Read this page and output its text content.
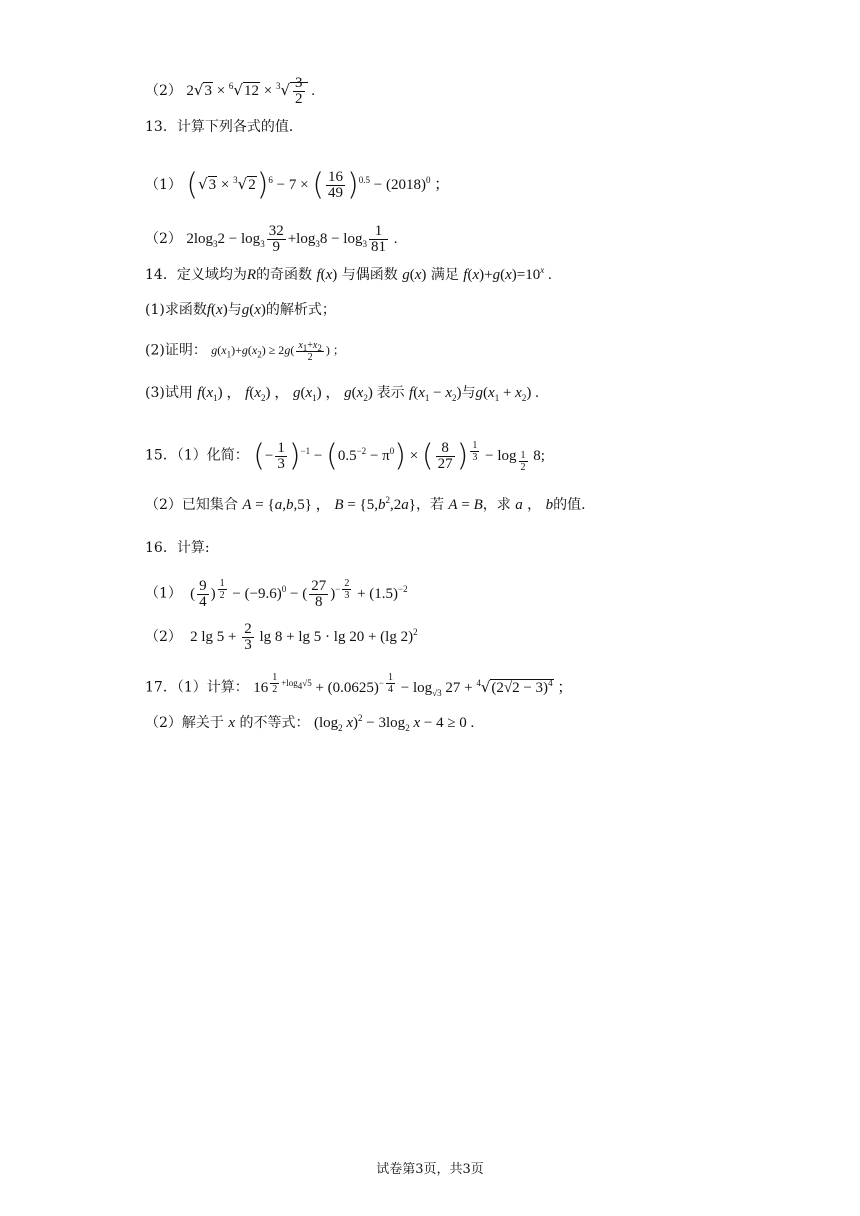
（2） $2√3 \times ^6√12 \times ^3√ \frac{3}{2}$ .
13．计算下列各式的值．
（1） $(√3 \times ^3√2)^6 - 7$ × ( $\frac{16}{49} )^{0.5} - (2018)^0$ ；
（2） $2\log_32 - \log_3 \frac{32}{9} +\log_38 - \log_3 \frac{1}{81}$ .
14．定义域均为R的奇函数 f(x) 与偶函数 g(x) 满足 $f(x)+g(x)=10^x$ .
(1)求函数f(x)与g(x)的解析式；
(2)证明： $g(x_1)+g(x_2) \ge 2g( \frac{x_1+x_2}{2}$ ) ；
(3)试用 $f(x_1)$ ， $f(x_2)$ ， $g(x_1)$ ， $g(x_2)$ 表示 $f(x_1 - x_2)$与$g(x_1 + x_2)$ .
15．（1）化简： (− $\frac{1}{3} )^{-1} - (0.5^{-2} - \pi^0)$ × ( $\frac{8}{27}$ ) $^{\frac{1}{3}}$ − log $_{\frac{1}{2}}$ 8;
（2）已知集合 A = {a,b,5} ， $B = \{5,b^2,2a\}$，若 A = B，求 a ， b的值.
16．计算:
（1）  ( $\frac{9}{4}$ ) $^{\frac{1}{2}} - (-9.6)^0$ − ( $\frac{27}{8} )^{- \frac{2}{3}} + (1.5)^{-2}$
（2）  2 $\lg 5 + \frac{2}{3}$ lg 8 + lg 5 · lg 20 + (lg 2)$^2$
17．（1）计算： 16 $^{\frac{1}{2} +log_4√5} + (0.0625)^{- \frac{1}{4}} - \log_{√3} 27 + ^4√(2√2 - 3)^4$ ；
（2）解关于 x 的不等式： ($\log_2$ $x)^2 - 3\log_2$ x − 4 ≥ 0 .
试卷第3页，共3页
